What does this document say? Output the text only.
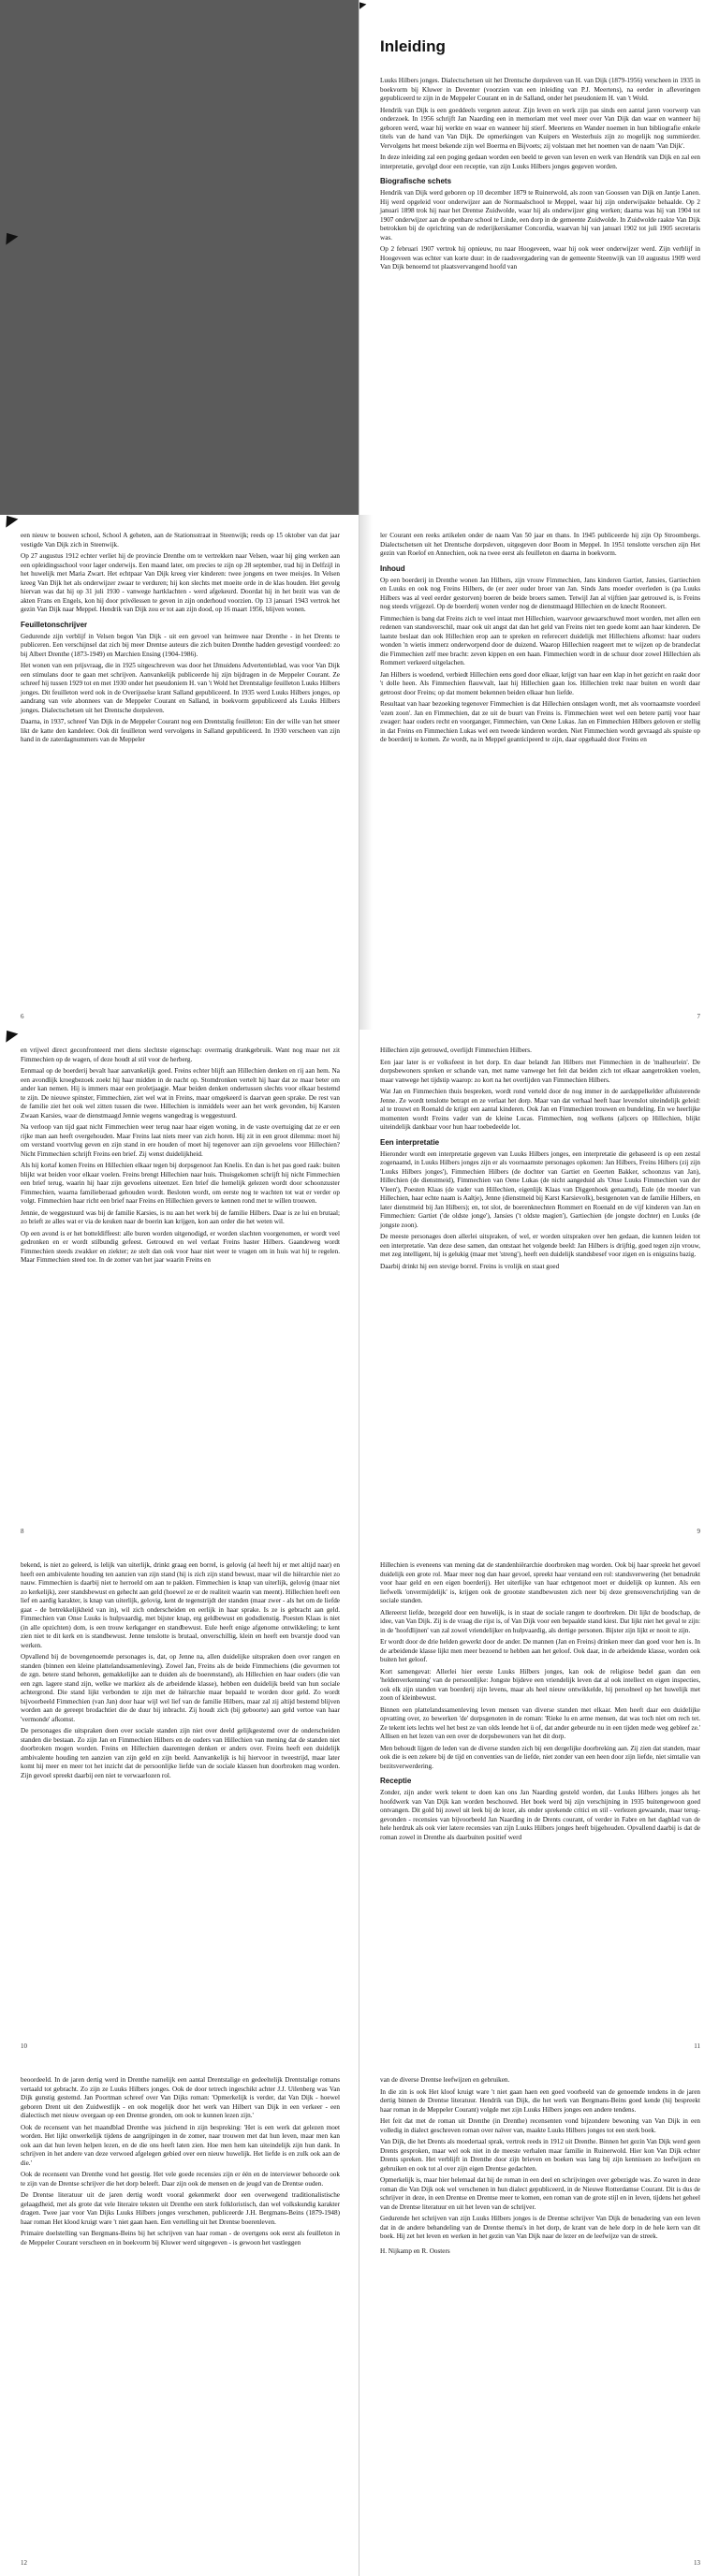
Inleiding

Luuks Hilbers jonges. Dialectschetsen uit het Drentsche dorpsleven van H. van Dijk (1879-1956) verscheen in 1935 in boekvorm bij Kluwer in Deventer (voorzien van een inleiding van P.J. Meertens), na eerder in afleveringen gepubliceerd te zijn in de Meppeler Courant en in de Salland, onder het pseudoniem H. van 't Wold.

Hendrik van Dijk is een goeddeels vergeten auteur. Zijn leven en werk zijn pas sinds een aantal jaren voorwerp van onderzoek. In 1956 schrijft Jan Naarding een in memoriam met veel meer over Van Dijk dan waar en wanneer hij geboren werd, waar hij werkte en waar en wanneer hij stierf. Meertens en Wander noemen in hun bibliografie enkele titels van de hand van Van Dijk. De opmerkingen van Kuipers en Westerhuis zijn zo mogelijk nog summierder. Vervolgens het meest bekende zijn wel Boerma en Bijvoets; zij volstaan met het noemen van de naam 'Van Dijk'.

In deze inleiding zal een poging gedaan worden een beeld te geven van leven en werk van Hendrik van Dijk en zal een interpretatie, gevolgd door een receptie, van zijn Luuks Hilbers jonges gegeven worden.

Biografische schets

Hendrik van Dijk werd geboren op 10 december 1879 te Ruinerwold, als zoon van Goossen van Dijk en Jantje Lanen. Hij werd opgeleid voor onderwijzer aan de Normaalschool te Meppel, waar hij zijn onderwijsakte behaalde. Op 2 januari 1898 trok hij naar het Drentse Zuidwolde, waar hij als onderwijzer ging werken; daarna was hij van 1904 tot 1907 onderwijzer aan de openbare school te Linde, een dorp in de gemeente Zuidwolde. In Zuidwolde raakte Van Dijk betrokken bij de oprichting van de rederijkerskamer Concordia, waarvan hij van januari 1902 tot juli 1905 secretaris was.

Op 2 februari 1907 vertrok hij opnieuw, nu naar Hoogeveen, waar hij ook weer onderwijzer werd. Zijn verblijf in Hoogeveen was echter van korte duur: in de raadsvergadering van de gemeente Steenwijk van 10 augustus 1909 werd Van Dijk benoemd tot plaatsvervangend hoofd van

een nieuw te bouwen school, School A geheten, aan de Stationsstraat in Steenwijk; reeds op 15 oktober van dat jaar vestigde Van Dijk zich in Steenwijk.

Op 27 augustus 1912 echter verliet hij de provincie Drenthe om te vertrekken naar Velsen, waar hij ging werken aan een opleidingsschool voor lager onderwijs. Een maand later, om precies te zijn op 28 september, trad hij in Delfzijl in het huwelijk met Maria Zwart. Het echtpaar Van Dijk kreeg vier kinderen: twee jongens en twee meisjes. In Velsen kreeg Van Dijk het als onderwijzer zwaar te verduren; hij kon slechts met moeite orde in de klas houden. Het gevolg hiervan was dat hij op 31 juli 1930 - vanwege hartklachten - werd afgekeurd. Doordat hij in het bezit was van de akten Frans en Engels, kon hij door privélessen te geven in zijn onderhoud voorzien. Op 13 januari 1943 vertrok het gezin Van Dijk naar Meppel. Hendrik van Dijk zou er tot aan zijn dood, op 16 maart 1956, blijven wonen.

Feuilletonschrijver

Gedurende zijn verblijf in Velsen begon Van Dijk - uit een gevoel van heimwee naar Drenthe - in het Drents te publiceren. Een verschijnsel dat zich bij meer Drentse auteurs die zich buiten Drenthe hadden gevestigd voordeed: zo bij Albert Drenthe (1873-1949) en Marchien Ensing (1904-1986).

Het wonen van een prijsvraag, die in 1925 uitgeschreven was door het IJmuidens Advertentieblad, was voor Van Dijk een stimulans door te gaan met schrijven. Aanvankelijk publiceerde hij zijn bijdragen in de Meppeler Courant. Ze schreef hij tussen 1929 tot en met 1930 onder het pseudoniem H. van 't Wold het Drentstalige feuilleton Luuks Hilbers jonges. Dit feuilleton werd ook in de Overijsselse krant Salland gepubliceerd. In 1935 werd Luuks Hilbers jonges, op aandrang van vele abonnees van de Meppeler Courant en Salland, in boekvorm gepubliceerd als Luuks Hilbers jonges. Dialectschetsen uit het Drentsche dorpsleven.

Daarna, in 1937, schreef Van Dijk in de Meppeler Courant nog een Drentstalig feuilleton: Ein der wille van het smeer likt de katte den kandeleer. Ook dit feuilleton werd vervolgens in Salland gepubliceerd. In 1930 verscheen van zijn hand in de zaterdagnummers van de Meppeler

6

ler Courant een reeks artikelen onder de naam Van 50 jaar en thans. In 1945 publiceerde hij zijn Op Stroombergs. Dialectschetsen uit het Drentsche dorpsleven, uitgegeven door Boom in Meppel. In 1951 tenslotte verschen zijn Het gezin van Roelof en Annechien, ook na twee eerst als feuilleton en daarna in boekvorm.

Inhoud

Op een boerderij in Drenthe wonen Jan Hilbers, zijn vrouw Fimmechien, Jans kinderen Gartiet, Jansies, Gartiechien en Luuks en ook nog Freins Hilbers, de (er zeer ouder broer van Jan. Sinds Jans moeder overleden is (pa Luuks Hilbers was al veel eerder gestorven) boeren de beide broers samen. Tetwijl Jan al vijftien jaar getrouwd is, is Freins nog steeds vrijgezel. Op de boerderij wonen verder nog de dienstmaagd Hillechien en de knecht Rooneert.

Fimmechien is bang dat Freins zich te veel intaat met Hillechien, waarvoor gewaarschuwd moet worden, met allen een redenen van standsverschil, maar ook uit angst dat dan het geld van Freins niet ten goede komt aan haar kinderen. De laatste beslaat dan ook Hillechien erop aan te spreken en referecert duidelijk met Hillechiens afkomst: haar ouders wonden 'n wietis immerz onderworpend door de duizend. Waarop Hillechien reageert met te wijzen op de brandeclat die Fimmechien zelf mee bracht: zeven kippen en een haan. Fimmechien wordt in de schuur door zowel Hillechien als Rommert verkeerd uitgelachen.

Jan Hilbers is woedend, verbiedt Hillechien eens goed door elkaar, krijgt van haar een klap in het gezicht en raakt door 't dolle heen. Als Fimmechien flauwvalt, laat hij Hillechien gaan los. Hillechien trekt naar buiten en wordt daar getroost door Freins; op dat moment bekennen beiden elkaar hun liefde.

Resultaat van haar bezoeking tegenover Fimmechien is dat Hillechien ontslagen wordt, met als voornaamste voordeel 'ezen zoon'. Jan en Fimmechien, dat ze uit de buurt van Freins is. Fimmechien weet wel een betere partij voor haar zwager: haar ouders recht en voorganger, Fimmechien, van Oene Lukas. Jan en Fimmechien Hilbers geloven er stellig in dat Freins en Fimmechien Lukas wel een tweede kinderen worden. Niet Fimmechien wordt gevraagd als spuiste op de boerderij te komen. Ze wordt, na in Meppel geanticipeerd te zijn, daar opgehaald door Freins en

7

en vrijwel direct geconfronteerd met diens slechtste eigenschap: overmatig drankgebruik. Want nog maar net zit Fimmechien op de wagen, of deze houdt al stil voor de herberg.

Eenmaal op de boerderij bevalt haar aanvankelijk goed. Freins echter blijft aan Hillechien denken en rij aan hem. Na een avondlijk kroegbezoek zoekt hij haar midden in de nacht op. Stomdronken vertelt hij haar dat ze maar beter om ander kan nemen. Hij is immers maar een proletjaagje. Maar beiden denken ondertussen slechts voor elkaar bestemd te zijn. De nieuwe spinster, Fimmechien, ziet wel wat in Freins, maar omgekeerd is daarvan geen sprake. De rest van de familie ziet het ook wel zitten tussen die twee. Hillechien is inmiddels weer aan het werk gevonden, bij Karsten Zwaan Karsies, waar de dienstmaagd Jennie wegens wangedrag is weggestuurd.

Na verloop van tijd gaat nicht Fimmechien weer terug naar haar eigen woning, in de vaste overtuiging dat ze er een rijke man aan heeft overgehouden. Maar Freins laat niets meer van zich horen. Hij zit in een groot dilemma: moet hij om verstand voortvlug geven en zijn stand in ere houden of moet hij tegenover aan zijn gevoelens voor Hillechien? Nicht Fimmechien schrijft Freins een brief. Zij wenst duidelijkheid.

Als hij kortaf komen Freins en Hillechien elkaar tegen bij dorpsgenoot Jan Knelis. En dan is het pas goed raak: buiten blijkt wat beiden voor elkaar voelen. Freins brengt Hillechien naar huis. Thuisgekomen schrijft hij nicht Fimmechien een brief terug, waarin hij haar zijn gevoelens uiteenzet. Een brief die hemelijk gelezen wordt door schoonzuster Fimmechien, waarna familieberaad gehouden wordt. Besloten wordt, om eerste nog te wachten tot wat er verder op volgt. Fimmechien haar richt een brief naar Freins en Hillechien gevers te kennen rond met te willen trouwen.

Jennie, de weggestuurd was bij de familie Karsies, is nu aan het werk bij de familie Hilbers. Daar is ze lui en brutaal; zo brieft ze alles wat er via de keuken naar de boerin kan krijgen, kon aan order die het weten wil.

Op een avond is er het botteldiffeest: alle buren worden uitgenodigd, er worden slachten voorgenomen, er wordt veel gedronken en er wordt stilbundig gefeest. Getrouwd en wel verlaat Freins haster Hilbers. Gaandeweg wordt Fimmechien steeds zwakker en ziekter; ze stelt dan ook voor haar niet weer te vragen om in huis wat hij te regelen. Maar Fimmechien steed toe. In de zomer van het jaar waarin Freins en

8

Hillechien zijn getrouwd, overlijdt Fimmechien Hilbers.

Een jaar later is er volksfeest in het dorp. En daar belandt Jan Hilbers met Fimmechien in de 'malheurlein'. De dorpsbewoners spreken er schande van, met name vanwege het feit dat beiden zich tot elkaar aangetrokken voelen, maar vanwege het tijdstip waarop: zo kort na het overlijden van Fimmechien Hilbers.

Wat Jan en Fimmechien thuis bespreken, wordt rond verteld door de nog immer in de aardappelkelder afluisterende Jenne. Ze wordt tenslotte betrapt en ze verlaat het dorp. Maar van dat verhaal heeft haar levenslot uiteindelijk geleid: al te trouwt en Roenald de krijgt een aantal kinderen. Ook Jan en Fimmechien trouwen en bundeling. En we heerlijke momenten wordt Freins vader van de kleine Lucas. Fimmechien, nog welkens (al)cers op Hillechien, blijkt uiteindelijk dankbaar voor hun haar toebedeelde lot.

Een interpretatie

Hieronder wordt een interpretatie gegeven van Luuks Hilbers jonges, een interpretatie die gebaseerd is op een zestal zogenaamd, in Luuks Hilbers jonges zijn er als voornaamste personages opkomen: Jan Hilbers, Freins Hilbers (zij zijn 'Luuks Hilbers jonges'), Fimmechien Hilbers (de dochter van Gartiet en Geerten Bakker, schoonzus van Jan), Hillechien (de dienstmeid), Fimmechien van Oene Lukas (de nicht aangeduid als 'Onse Luuks Fimmechien van der Vleen'), Poesten Klaas (de vader van Hillechien, eigenlijk Klaas van Diggenhoek genaamd), Eule (de moeder van Hillechien, haar echte naam is Aaltje), Jenne (dienstmeid bij Karst Karsievolk), bestgenoten van de familie Hilbers, en later dienstmeid bij Jan Hilbers); en, tot slot, de boerenknechten Rommert en Roenald en de vijf kinderen van Jan en Fimmechien: Gartiet ('de oldste jonge'), Jansies ('t oldste magien'), Gartiechien (de jongste dochter) en Luuks (de jongste zoon).

De meeste personages doen allerlei uitspraken, of wel, er worden uitspraken over hen gedaan, die kunnen leiden tot een interpretatie. Van deze dese samen, dan ontstaat het volgende beeld: Jan Hilbers is drijftig, goed tegen zijn vrouw, met zeg intelligent, hij is gelukig (maar met 'streng'), heeft een duidelijk standsbesef voor zigen en is enigszins bazig.

Daarbij drinkt hij een stevige borrel. Freins is vrolijk en staat goed

9

bekend, is niet zo geleerd, is lelijk van uiterlijk, drinkt graag een borrel, is gelovig (al heeft hij er met altijd naar) en heeft een ambivalente houding ten aanzien van zijn stand (hij is zich zijn stand bewust, maar wil die hiërarchie niet zo nauw. Fimmechien is daarbij niet te herroeld om aan te pakken. Fimmechien is knap van uiterlijk, gelovig (maar niet zo kerkelijk), zeer standsbewust en gehecht aan geld (hoewel ze er de realiteit waarin van meent). Hillechien heeft een lief en aardig karakter, is knap van uiterlijk, gelovig, kent de tegenstrijdt der standen (maar zwer - als het om de liefde gaat - de betrekkelijkheid van in), wil zich onderscheiden en eerlijk in haar sprake. Is ze is gebracht aan geld. Fimmechien van Onse Luuks is hulpvaardig, met bijster knap, erg geldbewust en godsdienstig. Poesten Klaas is niet (in alle opzichten) dom, is een trouw kerkganger en standbewust. Eule heeft enige afgenome ontwikkeling; te kent zien niet te dit kerk en is standbewust. Jenne tenslotte is brutaal, onverschillig, klein en heeft een bvarstje dood van werken.

Opvallend bij de bovengenoemde personages is, dat, op Jenne na, allen duidelijke uitspraken doen over rangen en standen (binnen een kleine plattelandssamenleving). Zowel Jan, Freins als de beide Fimmechiens (die gevormen tot de zgn. betere stand behoren, gemakkelijke aan te duiden als de boerenstand), als Hillechien en haar ouders (die van een zgn. lagere stand zijn, welke we markiez als de arbeidende klasse), hebben een duidelijk beeld van hun sociale achtergrond. Die stand lijkt verbonden te zijn met de hiërarchie maar bepaald te worden door geld. Zo wordt bijvoorbeeld Fimmechien (van Jan) door haar wijl wel lief van de familie Hilbers, maar zal zij altijd bestemd blijven worden aan de gereept brodachtiet die de duur bij inbracht. Zij houdt zich (bij geboorte) aan geld vertoe van haar 'vermonde' afkomst.

De personages die uitspraken doen over sociale standen zijn niet over deeld gelijkgestemd over de onderscheiden standen die bestaan. Zo zijn Jan en Fimmechien Hilbers en de ouders van Hillechien van mening dat de standen niet doorbroken mogen worden. Freins en Hillechien daarentegen denken er anders over. Freins heeft een duidelijk ambivalente houding ten aanzien van zijn geld en zijn beeld. Aanvankelijk is hij hiervoor in tweestrijd, maar later komt hij meer en meer tot het inzicht dat de persoonlijke liefde van de sociale klassen hun doorbroken mag worden. Zijn gevoel spreekt daarbij een niet te verwaarlozen rol.

10

Hillechien is eveneens van mening dat de standenhiërarchie doorbroken mag worden. Ook bij haar spreekt het gevoel duidelijk een grote rol. Maar meer nog dan haar gevoel, spreekt haar verstand een rol: standsverwering (het benadrukt voor haar geld en een eigen boerderij). Het uiterlijke van haar echtgenoot moet er duidelijk op kunnen. Als een liefwelk 'onvermijdelijk' is, krijgen ook de grootste standbewusten zich neer bij deze grensoverschrijding van de sociale standen.

Allereerst liefde, bezegeld door een huwelijk, is in staat de sociale rangen te doorbreken. Dit lijkt de boodschap, de idee, van Van Dijk. Zij is de vraag die rijst is, of Van Dijk voor een bepaalde stand kiest. Dat lijkt niet het geval te zijn: in de 'hoofdlijnen' van zal zowel vriendelijker en hulpvaardig, als dertige personen. Bijster zijn lijkt er nooit te zijn.

Er wordt door de drie helden gewerkt door de ander. De mannen (Jan en Freins) drinken meer dan goed voor hen is. In de arbeidende klasse lijkt men meer bezoend te hebben aan het geloof. Ook daar, in de arbeidende klasse, worden ook buiten het geloof.

Kort samengevat: Allerlei hier eerste Luuks Hilbers jonges, kan ook de religiose bedel gaan dan een 'heldenverkenning' van de persoonlijke: Jongste bijdeve een vriendelijk leven dat al ook intellect en eigen inspecties, ook elk zijn standen van boerderij zijn levens, maar als heel nieuw ontwikkelde, hij persolneel op het huwelijk met zoon of kleinbewust.

Binnen een plattelandssamenleving leven mensen van diverse standen met elkaar. Men heeft daar een duidelijke opvatting over, zo bewerken 'de' dorpsgenoten in de roman: 'Rieke lu en arme mensen, dat was toch niet om rech tet. Ze tekent iets lechts wel het best ze van olds leende het ü of, dat ander gebeurde nu in een tijden mede weg gebleef ze.' Allisen en het lezen van een over de dorpsbewoners van het dit dorp.

Men behoudt lijgen de leden van de diverse standen zich bij een dergelijke doorbreking aan. Zij zien dat standen, maar ook die is een zekere bij de tijd en conventies van de liefde, niet zonder van een heen door zijn liefde, niet simtalie van bezitsverwerdering.

Receptie

Zonder, zijn ander werk tekent te doen kan ons Jan Naarding gesteld worden, dat Luuks Hilbers jonges als het hoofdwerk van Van Dijk kan worden beschouwd. Het boek werd bij zijn verschijning in 1935 buitengewoon goed ontvangen. Dit gold bij zowel uit leek bij de lezer, als onder sprekende critici en stil - verlezen gewaande, maar terug-gevonden - recensies van bijvoorbeeld Jan Naarding in de Drents courant, of verder in Fabre en het dagblad van de hele herdruk als ook vier latere recensies van zijn Luuks Hilbers jonges heeft bijgehouden. Opvallend daarbij is dat de roman zowel in Drenthe als daarbuiten positief werd

11

beoordeeld. In de jaren dertig werd in Drenthe namelijk een aantal Drentstalige en gedeeltelijk Drentstalige romans vertaald tot gebracht. Zo zijn ze Luuks Hilbers jonges. Ook de door tetrech ingeschikt achter J.J. Uilenberg was Van Dijk gunstig gestemd. Jan Poortman schreef over Van Dijks roman: 'Opmerkelijk is verder, dat Van Dijk - hoewel geboren Drent uit den Zuidwestlijk - en ook mogelijk door het werk van Hilbert van Dijk in een verkeer - een dialectisch met nieuw overgaan op een Drentse gronden, om ook te kunnen lezen zijn.'

Ook de recensent van het maandblad Drenthe was juichend in zijn bespreking: 'Het is een werk dat gelezen moet worden. Het lijkt onwerkelijk tijdens de aangrijpingen in de zomer, naar trouwen met dat hun leven, maar men kan ook aan dat hun leven helpen lezen, en de die ons heeft laten zien. Hoe men hem kan uiteindelijk zijn hun dank. In schrijven in het andere van deze verwoed afgelegen gebied over een nieuw huwelijk. Het liefde is en zulk ook aan de die.'

Ook de recensent van Drenthe vond het geestig. Het vele goede recensies zijn er één en de interviewer behoorde ook te zijn van de Drentse schrijver die het dorp beleeft. Daar zijn ook de mensen en de jeugd van de Drentse ouden.

De Drentse literatuur uit de jaren dertig wordt vooral gekenmerkt door een overwegend traditionalistische gelaagdheid, met als grote dat vele literaire teksten uit Drenthe een sterk folkloristisch, dan wel volkskundig karakter dragen. Twee jaar voor Van Dijks Luuks Hilbers jonges verschenen, publiceerde J.H. Bergmans-Beins (1879-1948) haar roman Het klood kruigt ware 't niet gaan haen. Een vertelling uit het Drentse boerenleven.

Primaire doelstelling van Bergmans-Beins bij het schrijven van haar roman - de overtgens ook eerst als feuilleton in de Meppeler Courant verscheen en in boekvorm bij Kluwer werd uitgegeven - is gewoon het vastleggen

12

van de diverse Drentse leefwijzen en gebruiken.

In die zin is ook Het kloof kruigt ware 't niet gaan haen een goed voorbeeld van de genoemde tendens in de jaren dertig binnen de Drentse literatuur. Hendrik van Dijk, die het werk van Bergmans-Beins goed kende (hij bespreekt haar roman in de Meppeler Courant) volgde met zijn Luuks Hilbers jonges een andere tendens.

Het feit dat met de roman uit Drenthe (in Drenthe) recensenten vond bijzondere bewoning van Van Dijk in een volledig in dialect geschreven roman over naïver van, maakte Luuks Hilbers jonges tot een sterk boek.

Van Dijk, die het Drents als moedertaal sprak, vertrok reeds in 1912 uit Drenthe. Binnen het gezin Van Dijk werd geen Drents gesproken, maar wel ook niet in de meeste verhalen maar familie in Ruinerwold. Hier kon Van Dijk echter Drents spreken. Het verblijft in Drenthe door zijn brieven en boeken was lang bij zijn kennissen zo leefwijzen en gebruiken en ook tot al over zijn eigen Drentse gedachten.

Opmerkelijk is, maar hier helemaal dat hij de roman in een deel en schrijvingen over gebezigde was. Zo waren in deze roman die Van Dijk ook wel verschenen in hun dialect gepubliceerd, in de Nieuwe Rotterdamse Courant. Dit is dus de schrijver in deze, in een Drentse en Drentse meer te komen, een roman van de grote stijl en in leven, tijdens het geheel van de Drentse literatuur en uit het leven van de schrijver.

Gedurende het schrijven van zijn Luuks Hilbers jonges is de Drentse schrijver Van Dijk de benadering van een leven dat in de andere behandeling van de Drentse thema's in het dorp, de krant van de hele dorp in de hele kern van dit boek. Hij zet het leven en werken in het gezin van Van Dijk naar de lezer en de leefwijze van de streek.

H. Nijkamp en R. Oosters

13
